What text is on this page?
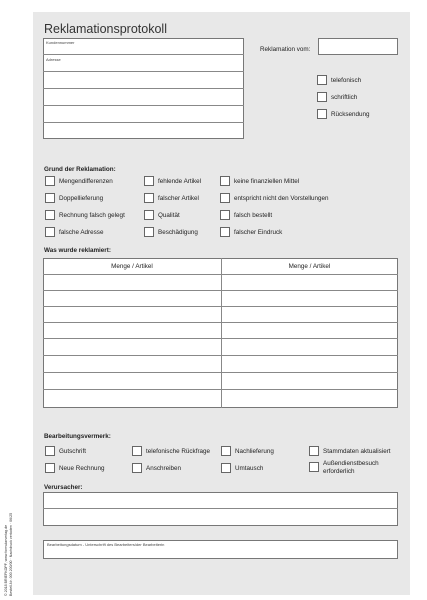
Reklamationsprotokoll
Kundennummer
Adresse
Reklamation vom:
telefonisch
schriftlich
Rücksendung
Grund der Reklamation:
Mengendifferenzen
Doppellieferung
Rechnung falsch gelegt
falsche Adresse
fehlende Artikel
falscher Artikel
Qualität
Beschädigung
keine finanziellen Mittel
entspricht nicht den Vorstellungen
falsch bestellt
falscher Eindruck
Was wurde reklamiert:
Menge / Artikel	Menge / Artikel
Bearbeitungsvermerk:
Gutschrift	telefonische Rückfrage	Nachlieferung	Stammdaten aktualisiert
Neue Rechnung	Anschreiben	Umtausch
Außendienstbesuch erforderlich
Verursacher:
Bearbeitungsdatum - Unterschrift des Bearbeiters/der Bearbeiterin
© 2018 BRIEFKOPF, www.formularverlag.de Bestell-Nr. 000 200/00 · Nachdruck verboten · 06/25
